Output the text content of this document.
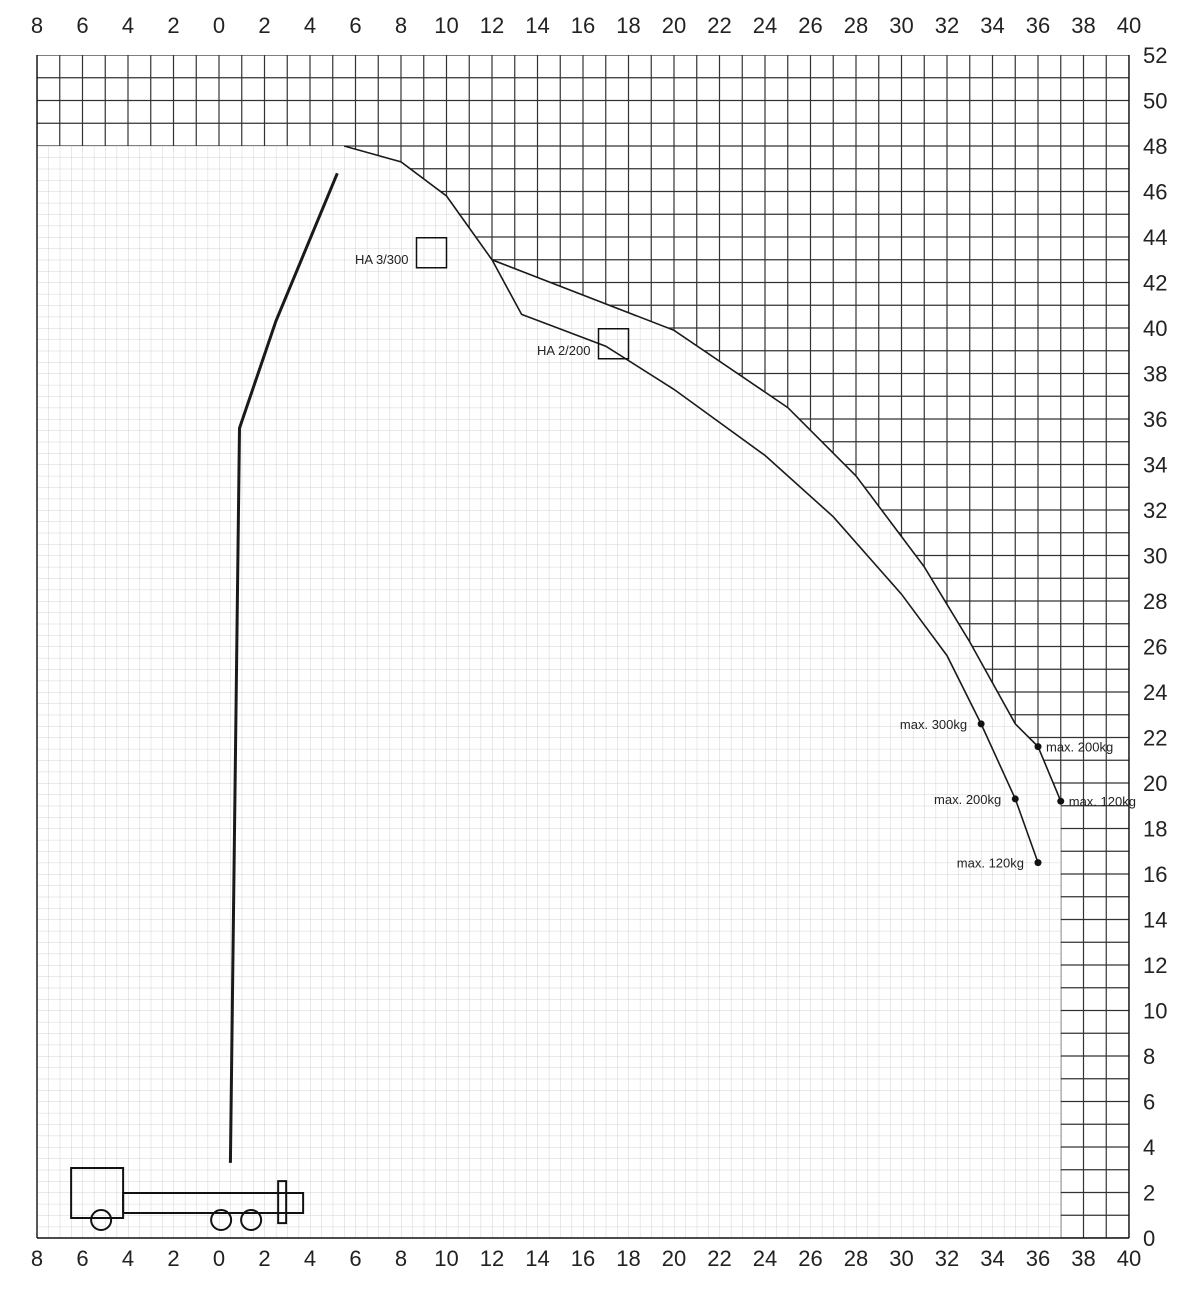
HA 3/300
HA 2/200
max. 300kg
max. 200kg
max. 200kg	max. 120kg
max. 120kg
8
8
6
6
4
4
2
2
0
0
2
2
4
4
6
6
8
8
10
10
12
12
14
14
16
16
18
18
20
20
22
22
24
24
26
26
28
28
30
30
32
32
34
34
36
36
38
38
40
40
0
2
4
6
8
10
12
14
16
18
20
22
24
26
28
30
32
34
36
38
40
42
44
46
48
50
52
